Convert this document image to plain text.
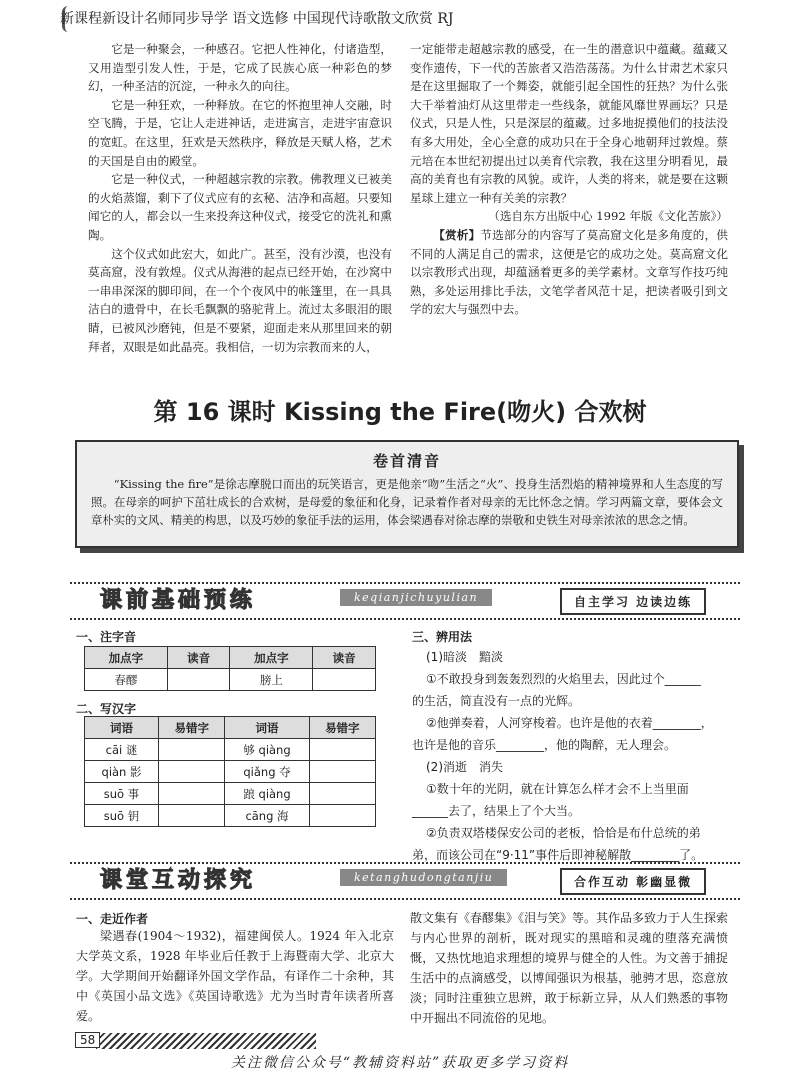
新课程新设计名师同步导学 语文选修 中国现代诗歌散文欣赏 RJ

它是一种聚会，一种感召。它把人性神化，付诸造型，又用造型引发人性，于是，它成了民族心底一种彩色的梦幻，一种圣洁的沉淀，一种永久的向往。

它是一种狂欢，一种释放。在它的怀抱里神人交融，时空飞腾，于是，它让人走进神话，走进寓言，走进宇宙意识的宽虹。在这里，狂欢是天然秩序，释放是天赋人格，艺术的天国是自由的殿堂。

它是一种仪式，一种超越宗教的宗教。佛教理义已被美的火焰蒸馏，剩下了仪式应有的玄秘、洁净和高超。只要知闻它的人，都会以一生来投奔这种仪式，接受它的洗礼和熏陶。

这个仪式如此宏大，如此广。甚至，没有沙漠，也没有莫高窟，没有敦煌。仪式从海港的起点已经开始，在沙窝中一串串深深的脚印间，在一个个夜风中的帐篷里，在一具具洁白的遗骨中，在长毛飘飘的骆驼背上。流过太多眼泪的眼睛，已被风沙磨钝，但是不要紧，迎面走来从那里回来的朝拜者，双眼是如此晶亮。我相信，一切为宗教而来的人，

一定能带走超越宗教的感受，在一生的潜意识中蕴藏。蕴藏又变作遗传，下一代的苦旅者又浩浩荡荡。为什么甘肃艺术家只是在这里掘取了一个舞姿，就能引起全国性的狂热？为什么张大千举着油灯从这里带走一些线条，就能风靡世界画坛？只是仪式，只是人性，只是深层的蕴藏。过多地捉摸他们的技法没有多大用处，全心全意的成功只在于全身心地朝拜过敦煌。蔡元培在本世纪初提出过以美育代宗教，我在这里分明看见，最高的美育也有宗教的风貌。或许，人类的将来，就是要在这颗星球上建立一种有关美的宗教？

（选自东方出版中心 1992 年版《文化苦旅》）

【赏析】节选部分的内容写了莫高窟文化是多角度的，供不同的人满足自己的需求，这便是它的成功之处。莫高窟文化以宗教形式出现，却蕴涵着更多的美学素材。文章写作技巧纯熟，多处运用排比手法，文笔学者风范十足，把读者吸引到文学的宏大与强烈中去。

第 16 课时 Kissing the Fire(吻火) 合欢树
卷首清音
“Kissing the fire”是徐志摩脱口而出的玩笑语言，更是他亲“吻”生活之“火”、投身生活烈焰的精神境界和人生态度的写照。在母亲的呵护下茁壮成长的合欢树，是母爱的象征和化身，记录着作者对母亲的无比怀念之情。学习两篇文章，要体会文章朴实的文风、精美的构思，以及巧妙的象征手法的运用，体会梁遇春对徐志摩的崇敬和史铁生对母亲浓浓的思念之情。
课前基础预练	keqianjichuyulian	自主学习 边读边练
一、注字音
加点字	读音	加点字	读音
春醪		膀上	
二、写汉字
词语	易错字	词语	易错字
cāi 谜		够 qiàng	
qiàn 影		qiǎng 夺	
suō 事		踉 qiàng	
suō 钥		cāng 海	
三、辨用法

(1)暗淡　黯淡

①不敢投身到轰轰烈烈的火焰里去，因此过个______

的生活，简直没有一点的光辉。

②他弹奏着，人河穿梭着。也许是他的衣着________，

也许是他的音乐________，他的陶醉，无人理会。

(2)消逝　消失

①数十年的光阴，就在计算怎么样才会不上当里面

______去了，结果上了个大当。

②负责双塔楼保安公司的老板，恰恰是布什总统的弟

弟，而该公司在“9·11”事件后即神秘解散________了。

课堂互动探究	ketanghudongtanjiu	合作互动 彰幽显微
一、走近作者

梁遇春(1904～1932)，福建闽侯人。1924 年入北京大学英文系，1928 年毕业后任教于上海暨南大学、北京大学。大学期间开始翻译外国文学作品，有译作二十余种，其中《英国小品文选》《英国诗歌选》尤为当时青年读者所喜爱。

散文集有《春醪集》《泪与笑》等。其作品多致力于人生探索与内心世界的剖析，既对现实的黑暗和灵魂的堕落充满愤慨，又热忱地追求理想的境界与健全的人性。为文善于捕捉生活中的点滴感受，以博闻强识为根基，驰骋才思，恣意放淡；同时注重独立思辨，敢于标新立异，从人们熟悉的事物中开掘出不同流俗的见地。

58
关注微信公众号“教辅资料站”获取更多学习资料
